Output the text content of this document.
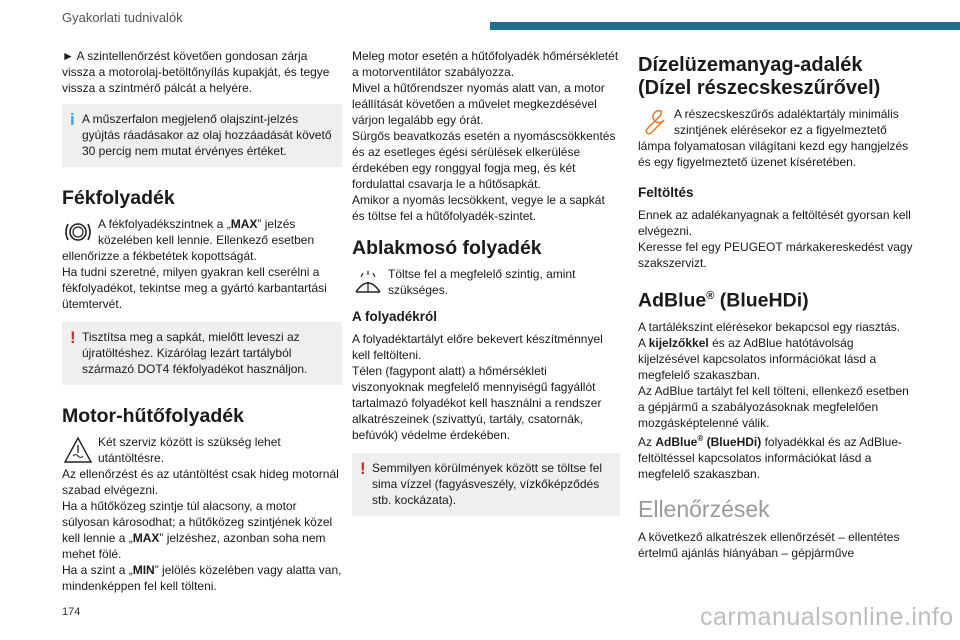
Gyakorlati tudnivalók

► A szintellenőrzést követően gondosan zárja vissza a motorolaj-betöltőnyílás kupakját, és tegye vissza a szintmérő pálcát a helyére.

i A műszerfalon megjelenő olajszint-jelzés gyújtás ráadásakor az olaj hozzáadását követő 30 percig nem mutat érvényes értéket.
Fékfolyadék

A fékfolyadékszintnek a „MAX” jelzés közelében kell lennie. Ellenkező esetben ellenőrizze a fékbetétek kopottságát.

Ha tudni szeretné, milyen gyakran kell cserélni a fékfolyadékot, tekintse meg a gyártó karbantartási ütemtervét.

! Tisztítsa meg a sapkát, mielőtt leveszi az újratöltéshez. Kizárólag lezárt tartályból származó DOT4 fékfolyadékot használjon.
Motor-hűtőfolyadék

Két szerviz között is szükség lehet utántöltésre.

Az ellenőrzést és az utántöltést csak hideg motornál szabad elvégezni.

Ha a hűtőközeg szintje túl alacsony, a motor súlyosan károsodhat; a hűtőközeg szintjének közel kell lennie a „MAX” jelzéshez, azonban soha nem mehet fölé.

Ha a szint a „MIN” jelölés közelében vagy alatta van, mindenképpen fel kell tölteni.

Meleg motor esetén a hűtőfolyadék hőmérsékletét a motorventilátor szabályozza.

Mivel a hűtőrendszer nyomás alatt van, a motor leállítását követően a művelet megkezdésével várjon legalább egy órát.

Sürgős beavatkozás esetén a nyomáscsökkentés és az esetleges égési sérülések elkerülése érdekében egy ronggyal fogja meg, és két fordulattal csavarja le a hűtősapkát.

Amikor a nyomás lecsökkent, vegye le a sapkát és töltse fel a hűtőfolyadék-szintet.

Ablakmosó folyadék

Töltse fel a megfelelő szintig, amint szükséges.

A folyadékról

A folyadéktartályt előre bekevert készítménnyel kell feltölteni.

Télen (fagypont alatt) a hőmérsékleti viszonyoknak megfelelő mennyiségű fagyállót tartalmazó folyadékot kell használni a rendszer alkatrészeinek (szivattyú, tartály, csatornák, befúvók) védelme érdekében.

! Semmilyen körülmények között se töltse fel sima vízzel (fagyásveszély, vízkőképződés stb. kockázata).
Dízelüzemanyag-adalék
(Dízel részecskeszűrővel)

A részecskeszűrős adaléktartály minimális szintjének elérésekor ez a figyelmeztető lámpa folyamatosan világítani kezd egy hangjelzés és egy figyelmeztető üzenet kíséretében.

Feltöltés

Ennek az adalékanyagnak a feltöltését gyorsan kell elvégezni.

Keresse fel egy PEUGEOT márkakereskedést vagy szakszervizt.

AdBlue® (BlueHDi)

A tartálékszint elérésekor bekapcsol egy riasztás.

A kijelzőkkel és az AdBlue hatótávolság kijelzésével kapcsolatos információkat lásd a megfelelő szakaszban.

Az AdBlue tartályt fel kell tölteni, ellenkező esetben a gépjármű a szabályozásoknak megfelelően mozgásképtelenné válik.

Az AdBlue® (BlueHDi) folyadékkal és az AdBlue-feltöltéssel kapcsolatos információkat lásd a megfelelő szakaszban.

Ellenőrzések

A következő alkatrészek ellenőrzését – ellentétes értelmű ajánlás hiányában – gépjárműve

174	carmanualsonline.info
